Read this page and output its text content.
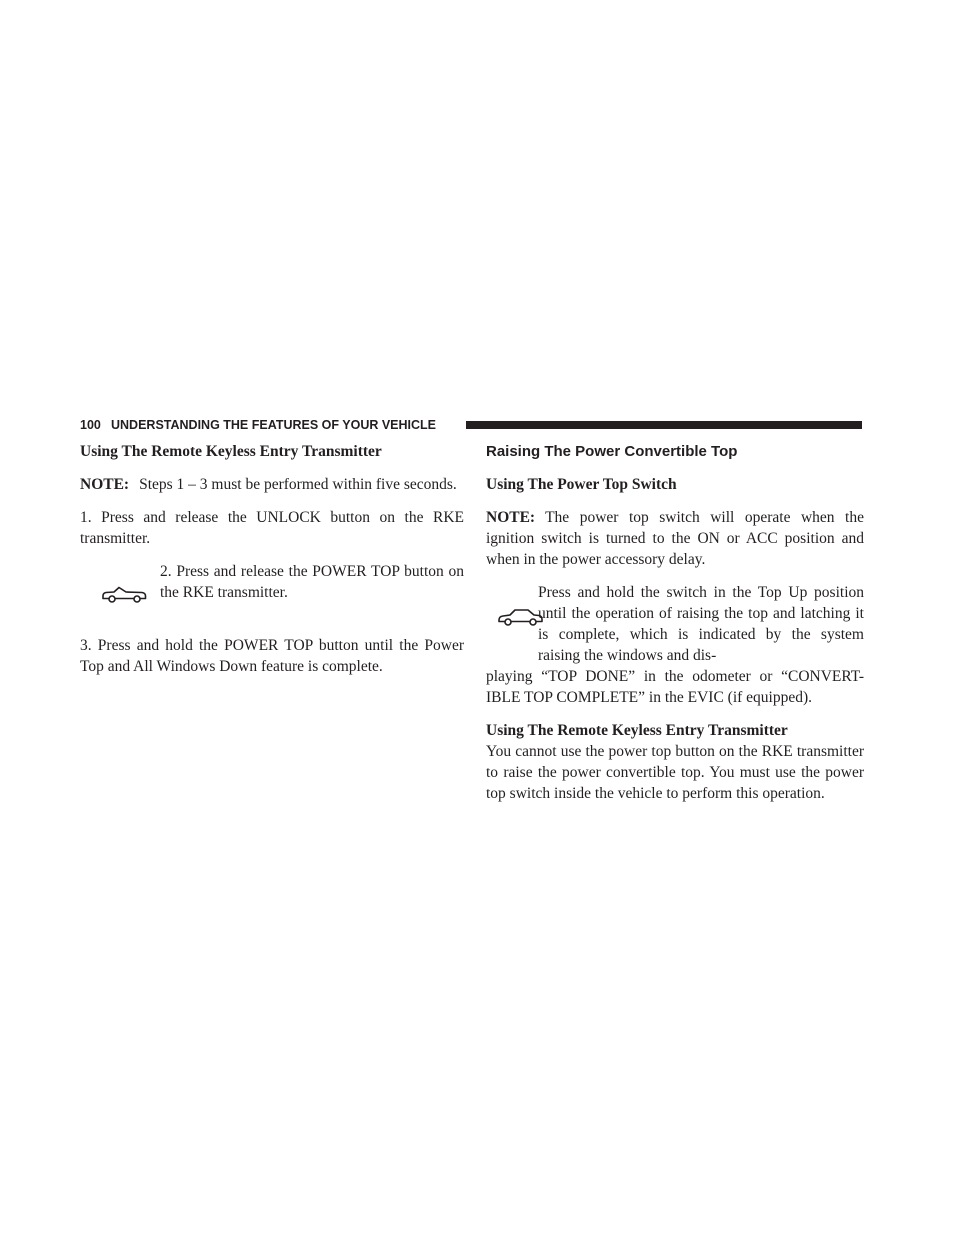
100 UNDERSTANDING THE FEATURES OF YOUR VEHICLE
Using The Remote Keyless Entry Transmitter

NOTE: Steps 1 – 3 must be performed within five seconds.

1. Press and release the UNLOCK button on the RKE transmitter.

2. Press and release the POWER TOP button on the RKE transmitter.

3. Press and hold the POWER TOP button until the Power Top and All Windows Down feature is complete.

Raising The Power Convertible Top
Using The Power Top Switch

NOTE: The power top switch will operate when the ignition switch is turned to the ON or ACC position and when in the power accessory delay.

Press and hold the switch in the Top Up position until the operation of raising the top and latching it is complete, which is indicated by the system raising the windows and dis-

playing “TOP DONE” in the odometer or “CONVERT-IBLE TOP COMPLETE” in the EVIC (if equipped).

Using The Remote Keyless Entry Transmitter

You cannot use the power top button on the RKE transmitter to raise the power convertible top. You must use the power top switch inside the vehicle to perform this operation.
